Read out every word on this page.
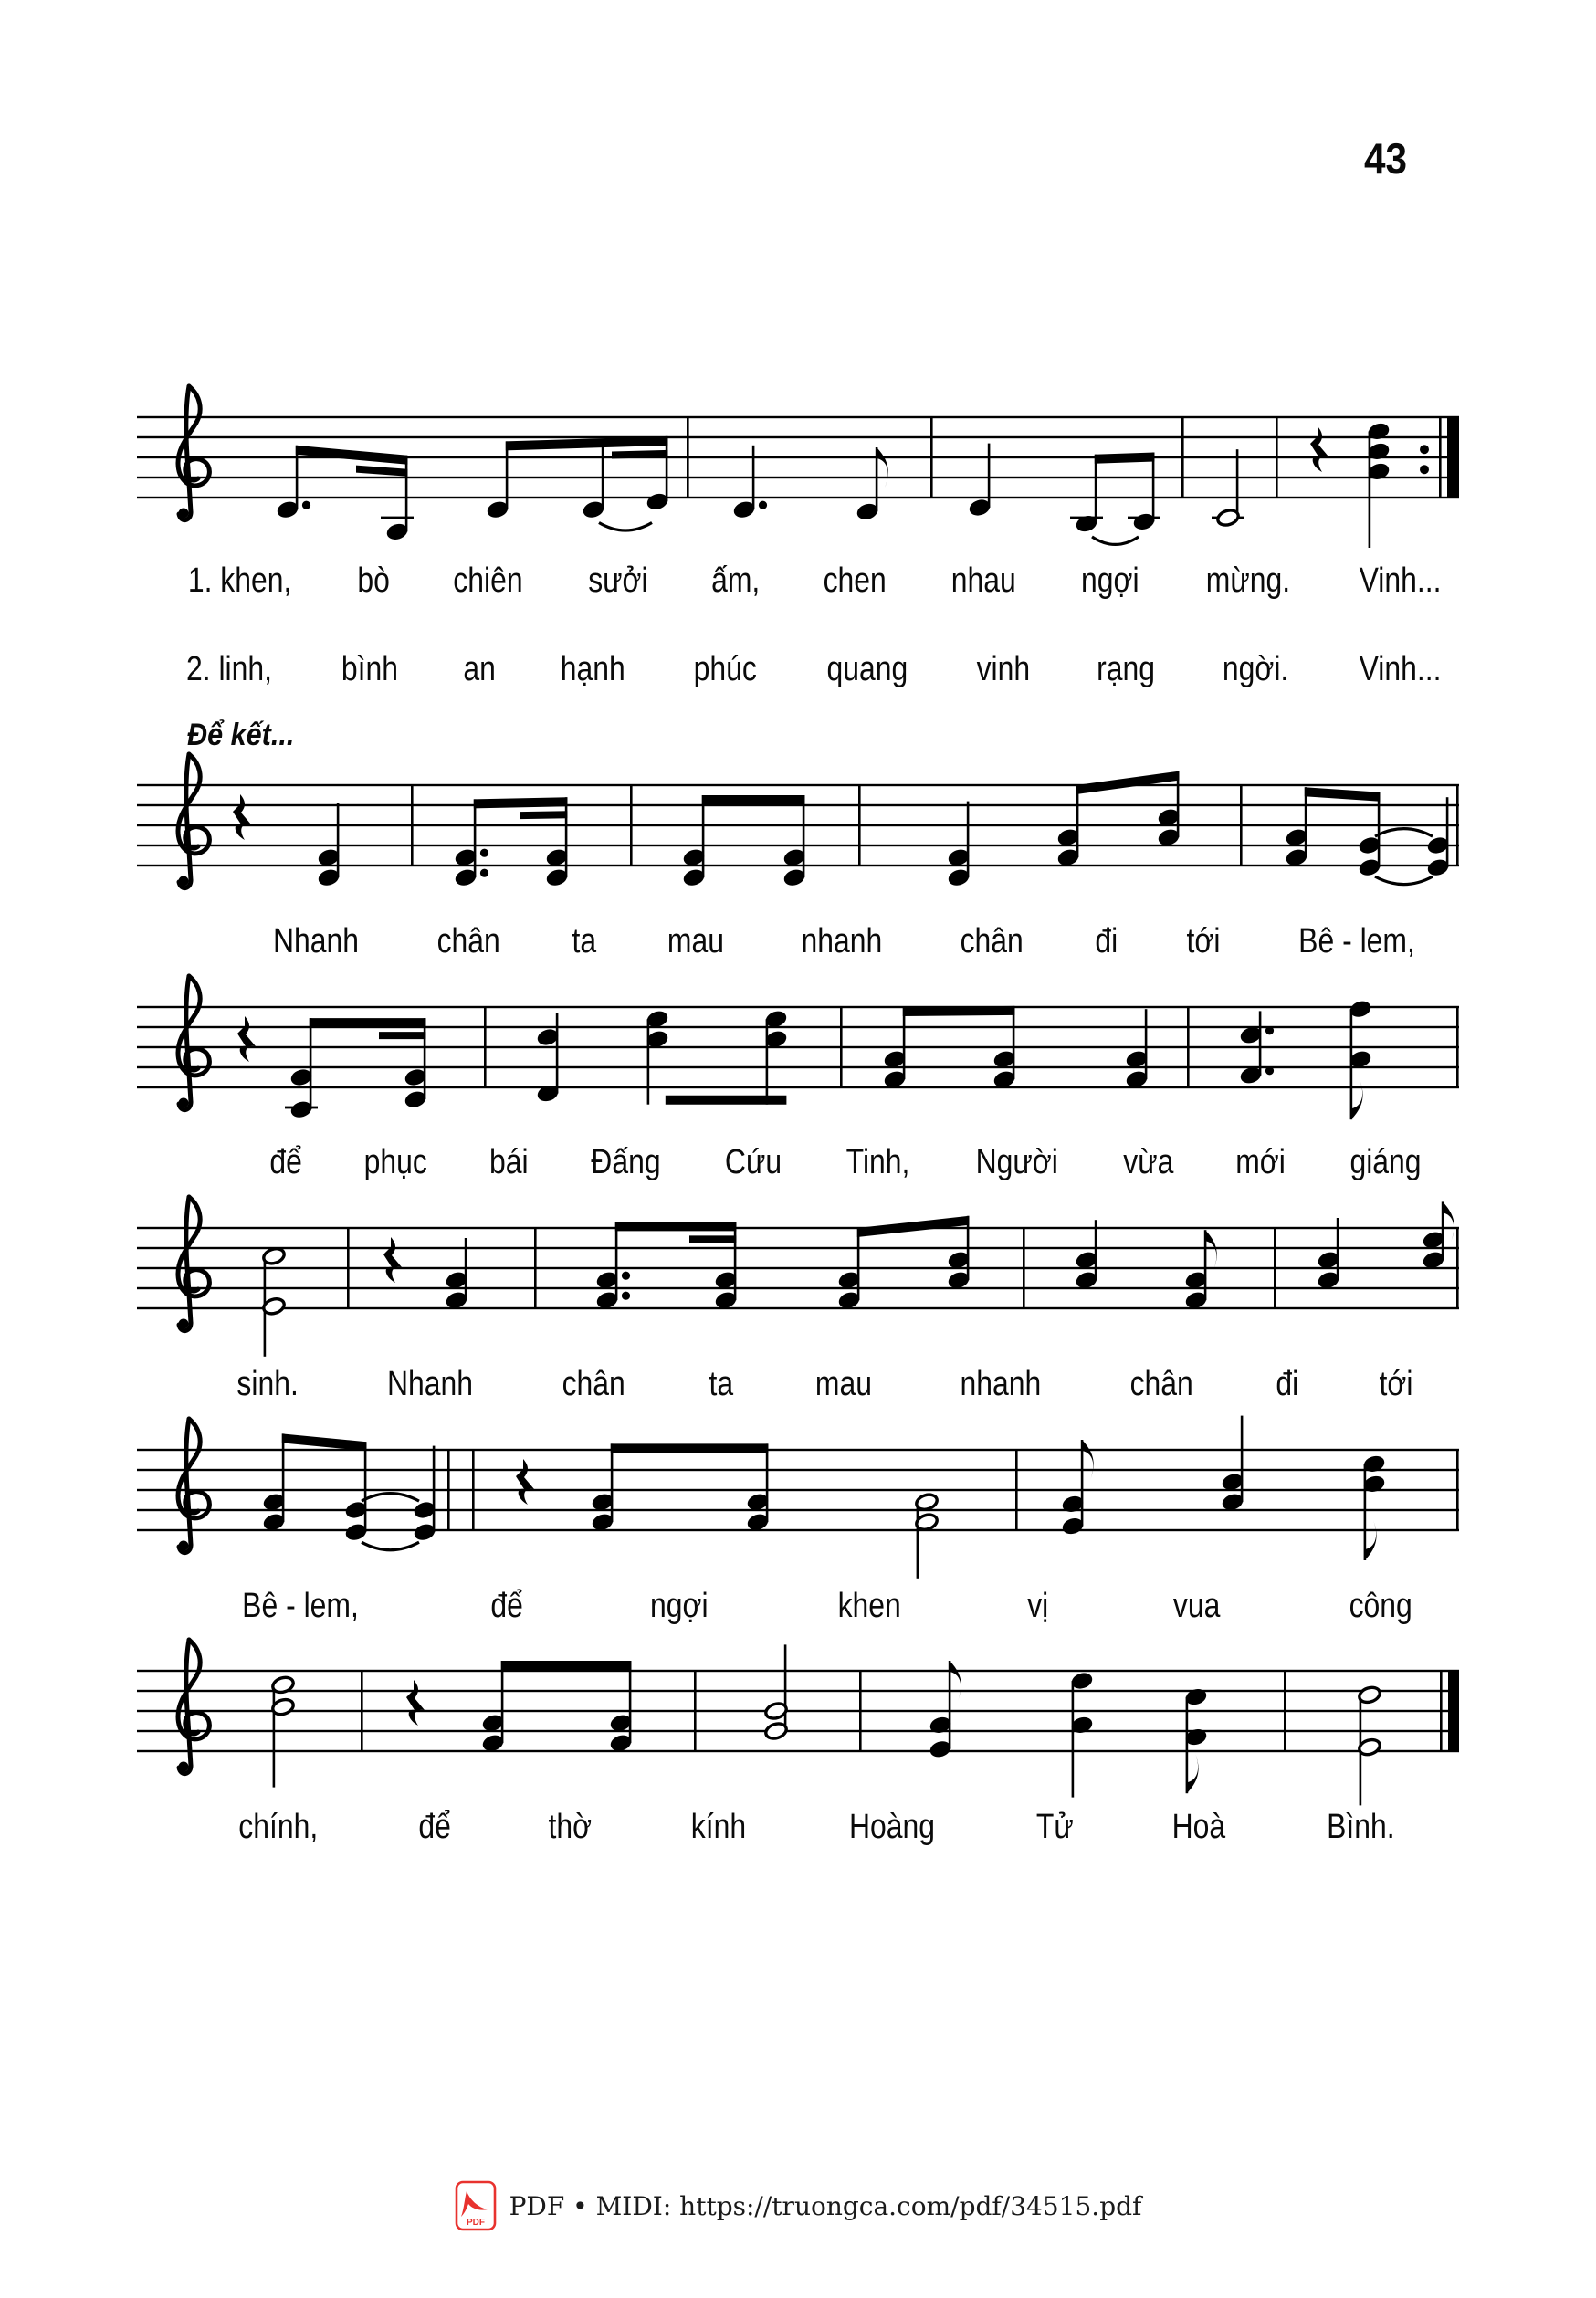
43
Để kết...
1. khen, bò chiên sưởi ấm, chen nhau ngợi mừng. Vinh...
2. linh, bình an hạnh phúc quang vinh rạng ngời. Vinh...
Nhanh chân ta mau nhanh chân đi tới Bê - lem,
để phục bái Đấng Cứu Tinh, Người vừa mới giáng
sinh.	Nhanh	chân ta mau	nhanh	chân đi tới
Bê - lem,	để	ngợi	khen	vị	vua	công
chính,	để	thờ	kính	Hoàng	Tử	Hoà	Bình.
PDF
PDF • MIDI: https://truongca.com/pdf/34515.pdf
